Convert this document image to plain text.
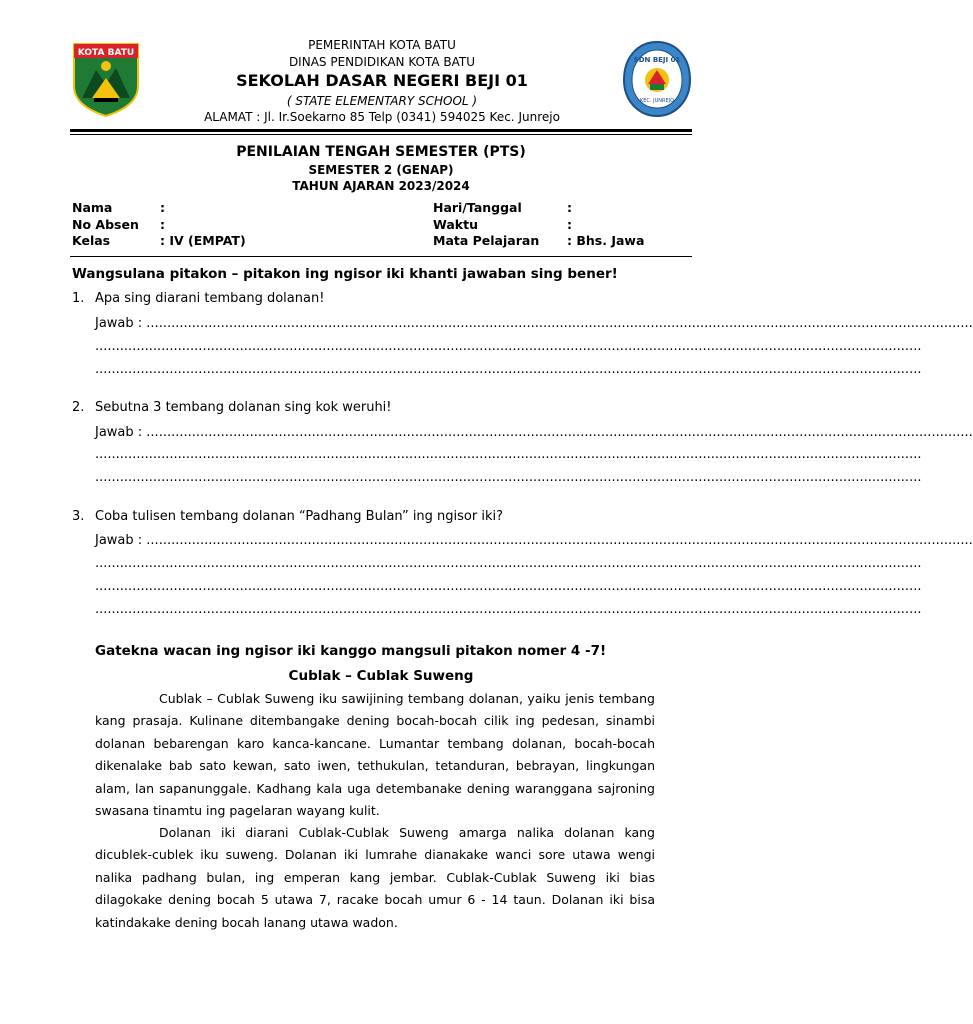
KOTA BATU
SDN BEJI 01
KEC. JUNREJO
PEMERINTAH KOTA BATU
DINAS PENDIDIKAN KOTA BATU
SEKOLAH DASAR NEGERI BEJI 01
( STATE ELEMENTARY SCHOOL )
ALAMAT : Jl. Ir.Soekarno 85 Telp (0341) 594025 Kec. Junrejo
PENILAIAN TENGAH SEMESTER (PTS)
SEMESTER 2 (GENAP)
TAHUN AJARAN 2023/2024
Nama	:
No Absen :
Kelas	: IV (EMPAT)
Hari/Tanggal	:
Waktu	:
Mata Pelajaran : Bhs. Jawa
Wangsulana pitakon – pitakon ing ngisor iki khanti jawaban sing bener!
1. Apa sing diarani tembang dolanan!
Jawab : ........................................................................................................................................................................................................
........................................................................................................................................................................................................
........................................................................................................................................................................................................
2. Sebutna 3 tembang dolanan sing kok weruhi!
Jawab : ........................................................................................................................................................................................................
........................................................................................................................................................................................................
........................................................................................................................................................................................................
3. Coba tulisen tembang dolanan “Padhang Bulan” ing ngisor iki?
Jawab : ........................................................................................................................................................................................................
........................................................................................................................................................................................................
........................................................................................................................................................................................................
........................................................................................................................................................................................................
Gatekna wacan ing ngisor iki kanggo mangsuli pitakon nomer 4 -7!
Cublak – Cublak Suweng
Cublak – Cublak Suweng iku sawijining tembang dolanan, yaiku jenis tembang kang prasaja. Kulinane ditembangake dening bocah-bocah cilik ing pedesan, sinambi dolanan bebarengan karo kanca-kancane. Lumantar tembang dolanan, bocah-bocah dikenalake bab sato kewan, sato iwen, tethukulan, tetanduran, bebrayan, lingkungan alam, lan sapanunggale. Kadhang kala uga detembanake dening waranggana sajroning swasana tinamtu ing pagelaran wayang kulit.
Dolanan iki diarani Cublak-Cublak Suweng amarga nalika dolanan kang dicublek-cublek iku suweng. Dolanan iki lumrahe dianakake wanci sore utawa wengi nalika padhang bulan, ing emperan kang jembar. Cublak-Cublak Suweng iki bias dilagokake dening bocah 5 utawa 7, racake bocah umur 6 - 14 taun. Dolanan iki bisa katindakake dening bocah lanang utawa wadon.
